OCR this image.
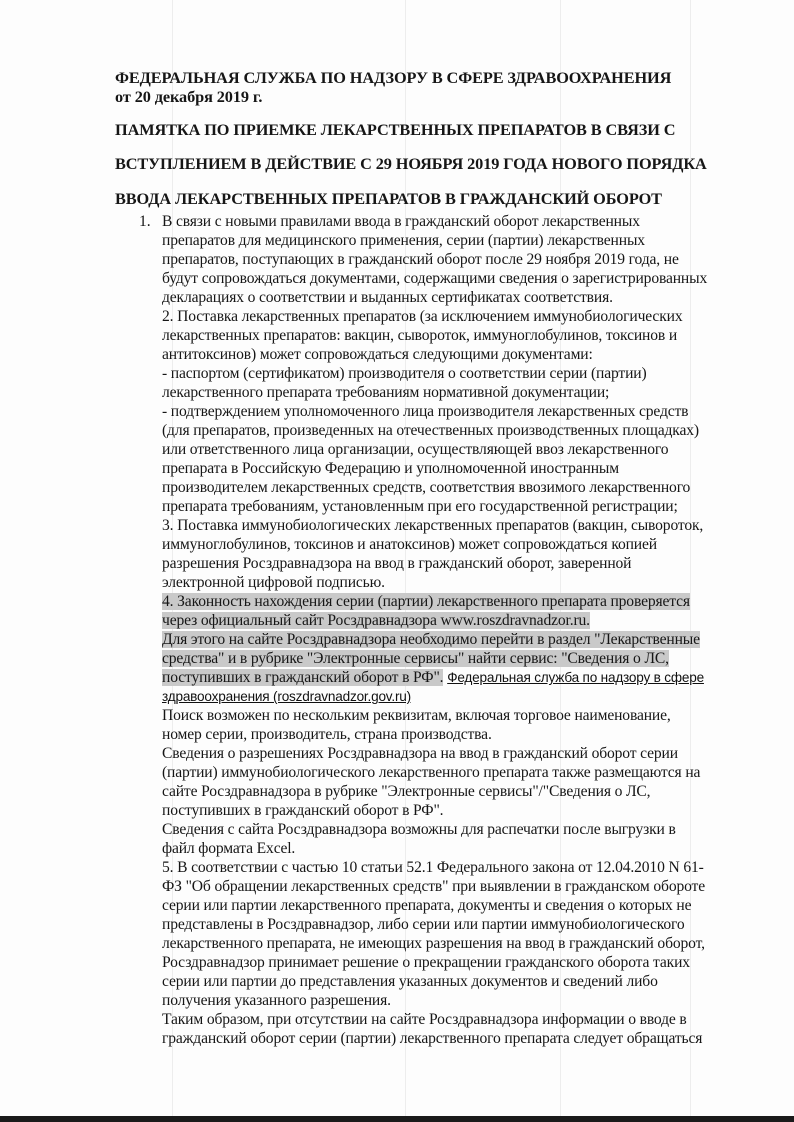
ФЕДЕРАЛЬНАЯ СЛУЖБА ПО НАДЗОРУ В СФЕРЕ ЗДРАВООХРАНЕНИЯ
от 20 декабря 2019 г.
ПАМЯТКА ПО ПРИЕМКЕ ЛЕКАРСТВЕННЫХ ПРЕПАРАТОВ В СВЯЗИ С
ВСТУПЛЕНИЕМ В ДЕЙСТВИЕ С 29 НОЯБРЯ 2019 ГОДА НОВОГО ПОРЯДКА
ВВОДА ЛЕКАРСТВЕННЫХ ПРЕПАРАТОВ В ГРАЖДАНСКИЙ ОБОРОТ
1. В связи с новыми правилами ввода в гражданский оборот лекарственных
препаратов для медицинского применения, серии (партии) лекарственных
препаратов, поступающих в гражданский оборот после 29 ноября 2019 года, не
будут сопровождаться документами, содержащими сведения о зарегистрированных
декларациях о соответствии и выданных сертификатах соответствия.
2. Поставка лекарственных препаратов (за исключением иммунобиологических
лекарственных препаратов: вакцин, сывороток, иммуноглобулинов, токсинов и
антитоксинов) может сопровождаться следующими документами:
- паспортом (сертификатом) производителя о соответствии серии (партии)
лекарственного препарата требованиям нормативной документации;
- подтверждением уполномоченного лица производителя лекарственных средств
(для препаратов, произведенных на отечественных производственных площадках)
или ответственного лица организации, осуществляющей ввоз лекарственного
препарата в Российскую Федерацию и уполномоченной иностранным
производителем лекарственных средств, соответствия ввозимого лекарственного
препарата требованиям, установленным при его государственной регистрации;
3. Поставка иммунобиологических лекарственных препаратов (вакцин, сывороток,
иммуноглобулинов, токсинов и анатоксинов) может сопровождаться копией
разрешения Росздравнадзора на ввод в гражданский оборот, заверенной
электронной цифровой подписью.
4. Законность нахождения серии (партии) лекарственного препарата проверяется
через официальный сайт Росздравнадзора www.roszdravnadzor.ru.
Для этого на сайте Росздравнадзора необходимо перейти в раздел "Лекарственные
средства" и в рубрике "Электронные сервисы" найти сервис: "Сведения о ЛС,
поступивших в гражданский оборот в РФ". Федеральная служба по надзору в сфере
здравоохранения (roszdravnadzor.gov.ru)
Поиск возможен по нескольким реквизитам, включая торговое наименование,
номер серии, производитель, страна производства.
Сведения о разрешениях Росздравнадзора на ввод в гражданский оборот серии
(партии) иммунобиологического лекарственного препарата также размещаются на
сайте Росздравнадзора в рубрике "Электронные сервисы"/"Сведения о ЛС,
поступивших в гражданский оборот в РФ".
Сведения с сайта Росздравнадзора возможны для распечатки после выгрузки в
файл формата Excel.
5. В соответствии с частью 10 статьи 52.1 Федерального закона от 12.04.2010 N 61-
ФЗ "Об обращении лекарственных средств" при выявлении в гражданском обороте
серии или партии лекарственного препарата, документы и сведения о которых не
представлены в Росздравнадзор, либо серии или партии иммунобиологического
лекарственного препарата, не имеющих разрешения на ввод в гражданский оборот,
Росздравнадзор принимает решение о прекращении гражданского оборота таких
серии или партии до представления указанных документов и сведений либо
получения указанного разрешения.
Таким образом, при отсутствии на сайте Росздравнадзора информации о вводе в
гражданский оборот серии (партии) лекарственного препарата следует обращаться
